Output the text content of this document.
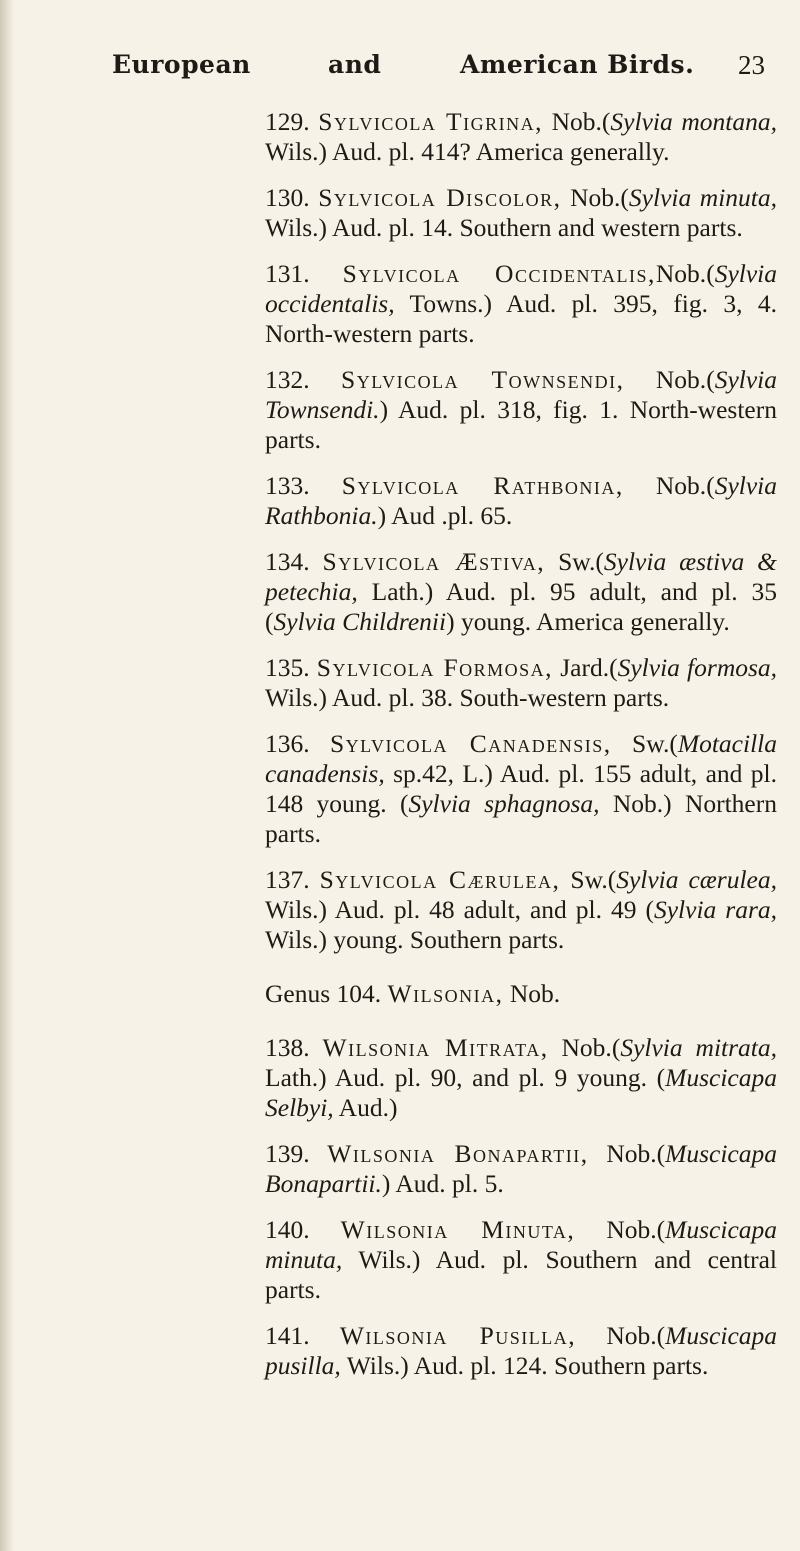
European	and	American Birds. 23

129. Sylvicola Tigrina, Nob.(Sylvia montana, Wils.) Aud. pl. 414? America generally.

130. Sylvicola Discolor, Nob.(Sylvia minuta, Wils.) Aud. pl. 14. Southern and western parts.

131. Sylvicola Occidentalis,Nob.(Sylvia occidentalis, Towns.) Aud. pl. 395, fig. 3, 4. North-western parts.

132. Sylvicola Townsendi, Nob.(Sylvia Townsendi.) Aud. pl. 318, fig. 1. North-western parts.

133. Sylvicola Rathbonia, Nob.(Sylvia Rathbonia.) Aud .pl. 65.

134. Sylvicola Æstiva, Sw.(Sylvia æstiva & petechia, Lath.) Aud. pl. 95 adult, and pl. 35 (Sylvia Childrenii) young. America generally.

135. Sylvicola Formosa, Jard.(Sylvia formosa, Wils.) Aud. pl. 38. South-western parts.

136. Sylvicola Canadensis, Sw.(Motacilla canadensis, sp.42, L.) Aud. pl. 155 adult, and pl. 148 young. (Sylvia sphagnosa, Nob.) Northern parts.

137. Sylvicola Cærulea, Sw.(Sylvia cærulea, Wils.) Aud. pl. 48 adult, and pl. 49 (Sylvia rara, Wils.) young. Southern parts.

Genus 104. Wilsonia, Nob.

138. Wilsonia Mitrata, Nob.(Sylvia mitrata, Lath.) Aud. pl. 90, and pl. 9 young. (Muscicapa Selbyi, Aud.)

139. Wilsonia Bonapartii, Nob.(Muscicapa Bonapartii.) Aud. pl. 5.

140. Wilsonia Minuta, Nob.(Muscicapa minuta, Wils.) Aud. pl. Southern and central parts.

141. Wilsonia Pusilla, Nob.(Muscicapa pusilla, Wils.) Aud. pl. 124. Southern parts.
